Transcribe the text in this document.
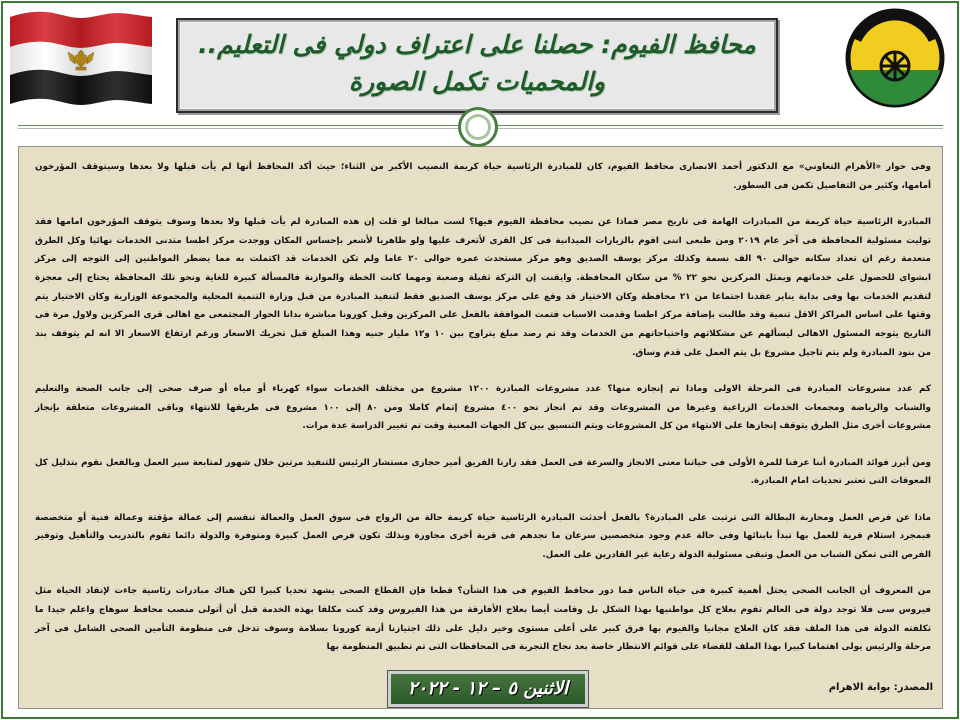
محافظ الفيوم: حصلنا على اعتراف دولي فى التعليم..
والمحميات تكمل الصورة
وفى حوار «الأهرام التعاوني» مع الدكتور أحمد الانصارى محافظ الفيوم، كان للمبادرة الرئاسية حياة كريمة النصيب الأكبر من الثناء؛ حيث أكد المحافظ أنها لم يأت قبلها ولا بعدها وسيتوقف المؤرخون
أمامها، وكثير من التفاصيل تكمن فى السطور.
المبادرة الرئاسية حياة كريمة من المبادرات الهامة فى تاريخ مصر فماذا عن نصيب محافظة الفيوم فيها؟ لست مبالغا لو قلت إن هذه المبادرة لم يأت قبلها ولا بعدها وسوف يتوقف المؤرخون امامها فقد
توليت مسئولية المحافظة فى آخر عام ٢٠١٩ ومن طبعى اننى اقوم بالزيارات الميدانية فى كل القرى لأتعرف عليها ولو ظاهريا لأشعر بإحساس المكان ووجدت مركز اطسا متدنى الخدمات نهائيا وكل الطرق
منعدمة رغم ان تعداد سكانه حوالى ٩٠ الف نسمة وكذلك مركز يوسف الصديق وهو مركز مستحدث عمره حوالى ٢٠ عاما ولم تكن الخدمات قد اكتملت به مما يضطر المواطنين إلى التوجه إلى مركز
ابشواى للحصول على خدماتهم ويمثل المركزين نحو ٢٢ % من سكان المحافظة. وايقنت إن التركة ثقيلة وصعبة ومهما كانت الخطة والموازنة فالمسألة كبيرة للغاية ونحو تلك المحافظة يحتاج إلى معجزة
لتقديم الخدمات بها وفى بداية يناير عقدنا اجتماعا من ٢١ محافظة وكان الاختيار قد وقع على مركز يوسف الصديق فقط لتنفيذ المبادرة من قبل وزارة التنمية المحلية والمجموعة الوزارية وكان الاختيار يتم
وقتها على اساس المراكز الاقل تنمية وقد طالبت بإضافة مركز اطسا وقدمت الاسباب فتمت الموافقة بالفعل على المركزين وقبل كورونا مباشرة بدانا الحوار المجتمعى مع اهالى قرى المركزين ولاول مرة فى
التاريخ يتوجه المسئول الاهالى ليسألهم عن مشكلاتهم واحتياجاتهم من الخدمات وقد تم رصد مبلغ يتراوح بين ١٠ و١٢ مليار جنيه وهذا المبلغ قبل تحريك الاسعار ورغم ارتفاع الاسعار الا انه لم يتوقف بند
من بنود المبادرة ولم يتم تاجيل مشروع بل يتم العمل على قدم وساق.
كم عدد مشروعات المبادرة فى المرحلة الاولى وماذا تم إنجازه منها؟ عدد مشروعات المبادرة ١٢٠٠ مشروع من مختلف الخدمات سواء كهرباء أو مياه أو صرف صحى إلى جانب الصحة والتعليم
والشباب والرياضة ومجمعات الخدمات الزراعية وغيرها من المشروعات وقد تم انجاز نحو ٤٠٠ مشروع إتمام كاملا ومن ٨٠ إلى ١٠٠ مشروع فى طريقها للانتهاء وباقى المشروعات متعلقة بإنجاز
مشروعات أخرى مثل الطرق يتوقف إنجازها على الانتهاء من كل المشروعات ويتم التنسيق بين كل الجهات المعنية وقت تم تغيير الدراسة عدة مرات.
ومن أبرز فوائد المبادرة أننا عرفنا للمرة الأولى فى حياتنا معنى الانجاز والسرعة فى العمل فقد زارنا الفريق أمير حجازى مستشار الرئيس للتنفيذ مرتين خلال شهور لمتابعة سير العمل وبالفعل نقوم بتذليل كل
المعوقات التى تعتبر تحديات امام المبادرة.
ماذا عن فرص العمل ومحاربة البطالة التى ترتبت على المبادرة؟ بالفعل أحدثت المبادرة الرئاسية حياة كريمة حالة من الرواج فى سوق العمل والعمالة تنقسم إلى عمالة مؤقتة وعمالة فنية أو متخصصة
فبمجرد استلام قرية للعمل بها تبدأ بابنائها وفى حالة عدم وجود متخصصين سرعان ما نجدهم فى قرية أخرى مجاورة وبذلك تكون فرص العمل كبيرة ومتوفرة والدولة دائما تقوم بالتدريب والتأهيل وتوفير
الفرص التى تمكن الشباب من العمل وتبقى مسئولية الدولة رعاية غير القادرين على العمل.
من المعروف أن الجانب الصحى يحتل أهمية كبيرة فى حياة الناس فما دور محافظ الفيوم فى هذا الشأن؟ قطعا فإن القطاع الصحى يشهد تحديا كبيرا لكن هناك مبادرات رئاسية جاءت لإنقاذ الحياة مثل
فيروس سى فلا توجد دولة فى العالم تقوم بعلاج كل مواطنيها بهذا الشكل بل وقامت أيضا بعلاج الأفارقة من هذا الفيروس وقد كنت مكلفا بهذه الخدمة قبل أن أتولى منصب محافظ سوهاج واعلم جيدا ما
تكلفته الدولة فى هذا الملف فقد كان العلاج مجانيا والفيوم بها فرق كبير على أعلى مستوى وخير دليل على ذلك اجتيازنا أزمة كورونا بسلامة وسوف تدخل فى منظومة التأمين الصحى الشامل فى آخر
مرحلة والرئيس يولى اهتماما كبيرا بهذا الملف للقضاء على قوائم الانتظار خاصة بعد نجاح التجربة فى المحافظات التى تم تطبيق المنظومة بها
المصدر: بوابة الاهرام
الاثنين ٥ – ١٢ - ٢٠٢٢
